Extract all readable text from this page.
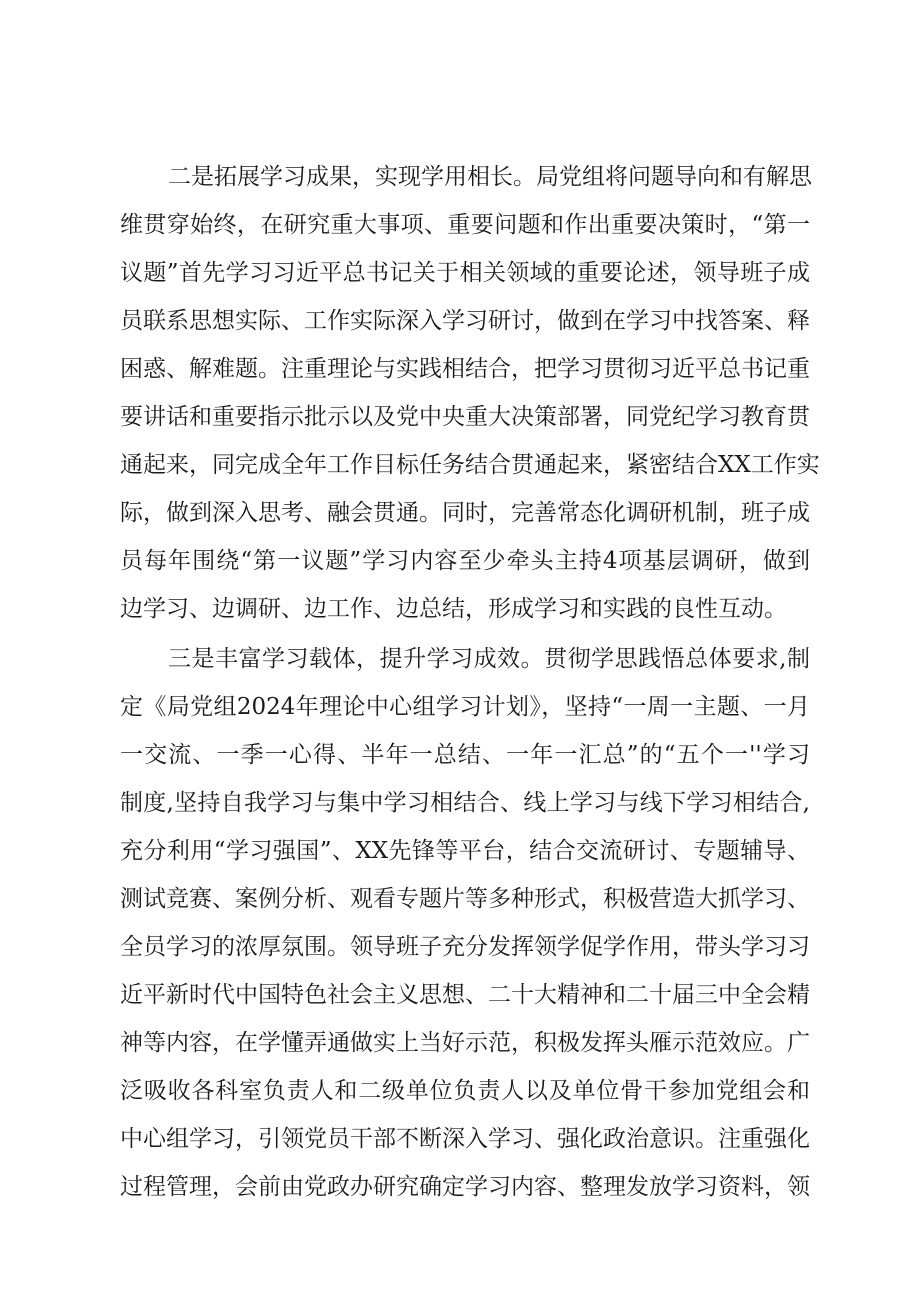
二是拓展学习成果，实现学用相长。局党组将问题导向和有解思
维贯穿始终，在研究重大事项、重要问题和作出重要决策时，“第一
议题”首先学习习近平总书记关于相关领域的重要论述，领导班子成
员联系思想实际、工作实际深入学习研讨，做到在学习中找答案、释
困惑、解难题。注重理论与实践相结合，把学习贯彻习近平总书记重
要讲话和重要指示批示以及党中央重大决策部署，同党纪学习教育贯
通起来，同完成全年工作目标任务结合贯通起来，紧密结合XX工作实
际，做到深入思考、融会贯通。同时，完善常态化调研机制，班子成
员每年围绕“第一议题”学习内容至少牵头主持4项基层调研，做到
边学习、边调研、边工作、边总结，形成学习和实践的良性互动。
三是丰富学习载体，提升学习成效。贯彻学思践悟总体要求,制
定《局党组2024年理论中心组学习计划》，坚持“一周一主题、一月
一交流、一季一心得、半年一总结、一年一汇总”的“五个一''学习
制度,坚持自我学习与集中学习相结合、线上学习与线下学习相结合,
充分利用“学习强国”、XX先锋等平台，结合交流研讨、专题辅导、
测试竞赛、案例分析、观看专题片等多种形式，积极营造大抓学习、
全员学习的浓厚氛围。领导班子充分发挥领学促学作用，带头学习习
近平新时代中国特色社会主义思想、二十大精神和二十届三中全会精
神等内容，在学懂弄通做实上当好示范，积极发挥头雁示范效应。广
泛吸收各科室负责人和二级单位负责人以及单位骨干参加党组会和
中心组学习，引领党员干部不断深入学习、强化政治意识。注重强化
过程管理，会前由党政办研究确定学习内容、整理发放学习资料，领
